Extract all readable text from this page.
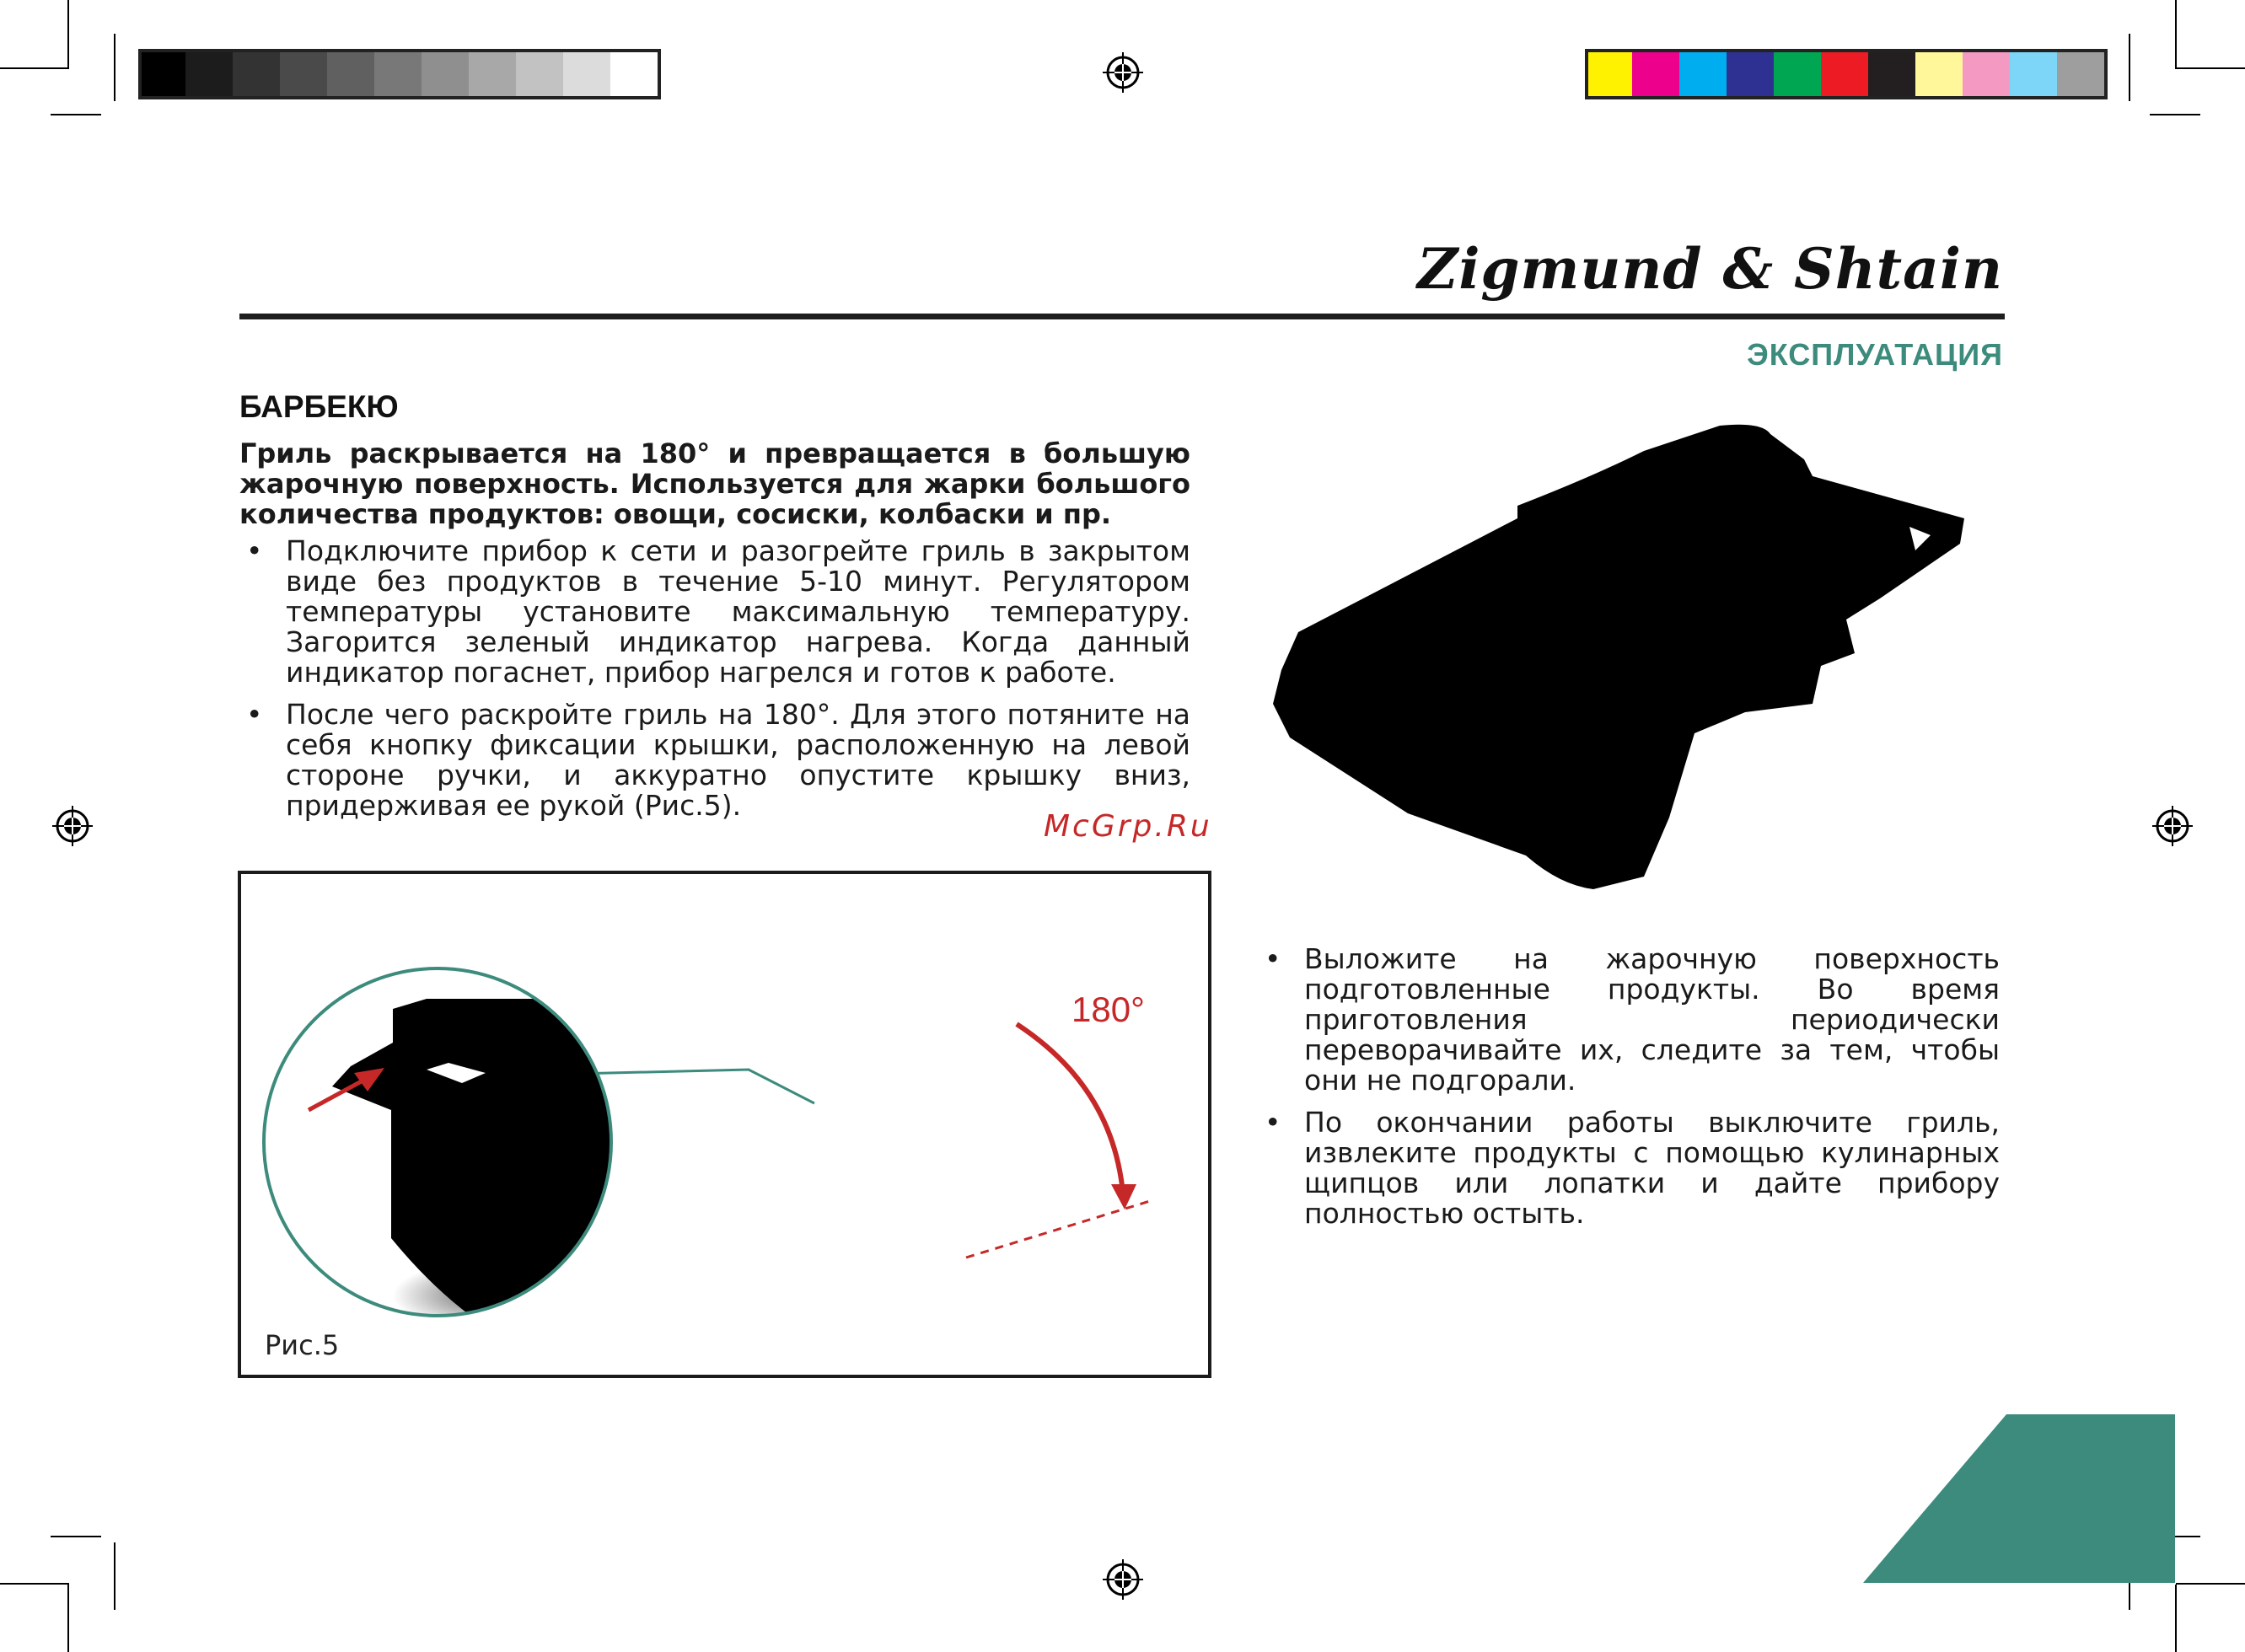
Zigmund & Shtain
ЭКСПЛУАТАЦИЯ
БАРБЕКЮ
Гриль раскрывается на 180° и превращается в большую жарочную поверхность. Используется для жарки большого количества продуктов: овощи, сосиски, колбаски и пр.
• Подключите прибор к сети и разогрейте гриль в закрытом виде без продуктов в течение 5-10 минут. Регулятором температуры установите максимальную температуру. Загорится зеленый индикатор нагрева. Когда данный индикатор погаснет, прибор нагрелся и готов к работе.
• После чего раскройте гриль на 180°. Для этого потяните на себя кнопку фиксации крышки, расположенную на левой стороне ручки, и аккуратно опустите крышку вниз, придерживая ее рукой (Рис.5).
McGrp.Ru
180°
Рис.5
• Выложите на жарочную поверхность подготовленные продукты. Во время приготовления периодически переворачивайте их, следите за тем, чтобы они не подгорали.
• По окончании работы выключите гриль, извлеките продукты с помощью кулинарных щипцов или лопатки и дайте прибору полностью остыть.
